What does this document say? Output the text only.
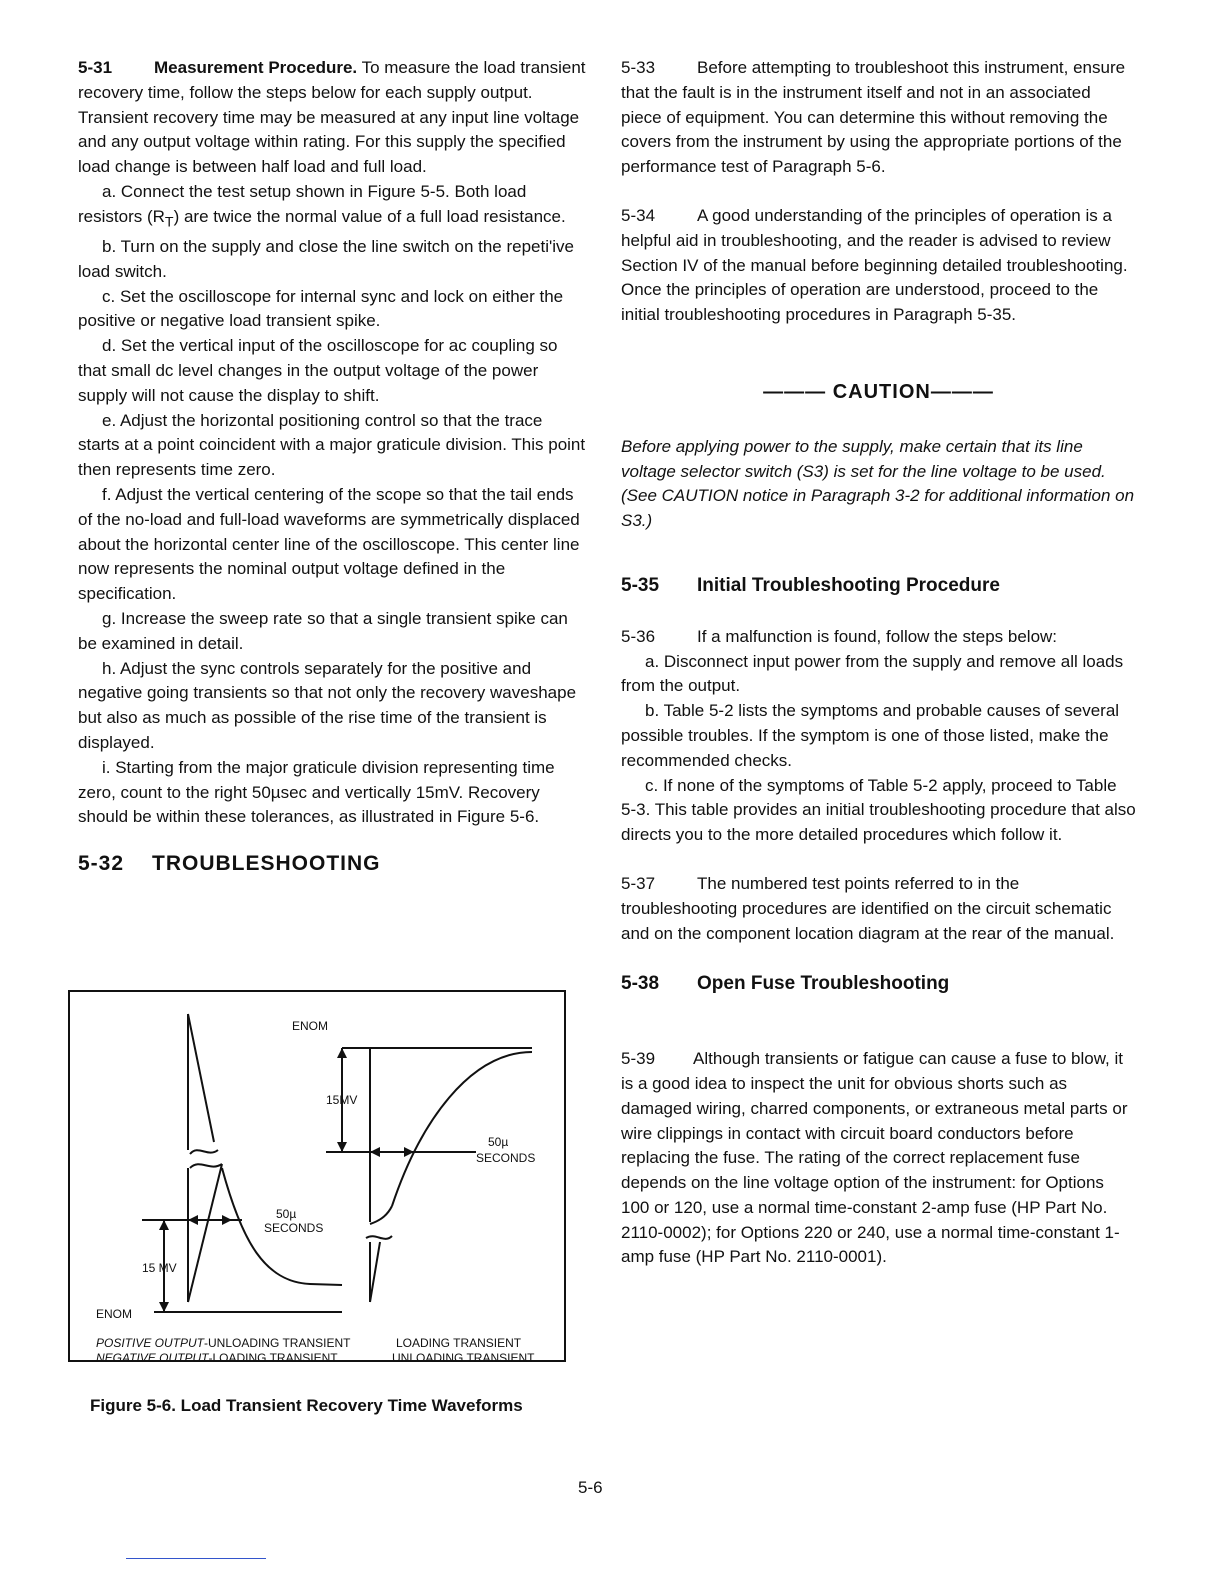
5-31 Measurement Procedure. To measure the load transient recovery time, follow the steps below for each supply output. Transient recovery time may be measured at any input line voltage and any output voltage within rating. For this supply the specified load change is between half load and full load.

a. Connect the test setup shown in Figure 5-5. Both load resistors $(R_T)$ are twice the normal value of a full load resistance.

b. Turn on the supply and close the line switch on the repeti'ive load switch.

c. Set the oscilloscope for internal sync and lock on either the positive or negative load transient spike.

d. Set the vertical input of the oscilloscope for ac coupling so that small dc level changes in the output voltage of the power supply will not cause the display to shift.

e. Adjust the horizontal positioning control so that the trace starts at a point coincident with a major graticule division. This point then represents time zero.

f. Adjust the vertical centering of the scope so that the tail ends of the no-load and full-load waveforms are symmetrically displaced about the horizontal center line of the oscilloscope. This center line now represents the nominal output voltage defined in the specification.

g. Increase the sweep rate so that a single transient spike can be examined in detail.

h. Adjust the sync controls separately for the positive and negative going transients so that not only the recovery waveshape but also as much as possible of the rise time of the transient is displayed.

i. Starting from the major graticule division representing time zero, count to the right 50µsec and vertically 15mV. Recovery should be within these tolerances, as illustrated in Figure 5-6.

5-32 TROUBLESHOOTING

ENOM
15MV
50µ
SECONDS
50µ
SECONDS
15 MV
ENOM
POSITIVE OUTPUT-UNLOADING TRANSIENT
NEGATIVE OUTPUT-LOADING TRANSIENT
LOADING TRANSIENT
UNLOADING TRANSIENT
Figure 5-6. Load Transient Recovery Time Waveforms

5-33 Before attempting to troubleshoot this instrument, ensure that the fault is in the instrument itself and not in an associated piece of equipment. You can determine this without removing the covers from the instrument by using the appropriate portions of the performance test of Paragraph 5-6.

5-34 A good understanding of the principles of operation is a helpful aid in troubleshooting, and the reader is advised to review Section IV of the manual before beginning detailed troubleshooting. Once the principles of operation are understood, proceed to the initial troubleshooting procedures in Paragraph 5-35.

——— CAUTION———

Before applying power to the supply, make certain that its line voltage selector switch (S3) is set for the line voltage to be used. (See CAUTION notice in Paragraph 3-2 for additional information on S3.)

5-35 Initial Troubleshooting Procedure

5-36 If a malfunction is found, follow the steps below:

a. Disconnect input power from the supply and remove all loads from the output.

b. Table 5-2 lists the symptoms and probable causes of several possible troubles. If the symptom is one of those listed, make the recommended checks.

c. If none of the symptoms of Table 5-2 apply, proceed to Table 5-3. This table provides an initial troubleshooting procedure that also directs you to the more detailed procedures which follow it.

5-37 The numbered test points referred to in the troubleshooting procedures are identified on the circuit schematic and on the component location diagram at the rear of the manual.

5-38 Open Fuse Troubleshooting

5-39 Although transients or fatigue can cause a fuse to blow, it is a good idea to inspect the unit for obvious shorts such as damaged wiring, charred components, or extraneous metal parts or wire clippings in contact with circuit board conductors before replacing the fuse. The rating of the correct replacement fuse depends on the line voltage option of the instrument: for Options 100 or 120, use a normal time-constant 2-amp fuse (HP Part No. 2110-0002); for Options 220 or 240, use a normal time-constant 1-amp fuse (HP Part No. 2110-0001).

5-6
